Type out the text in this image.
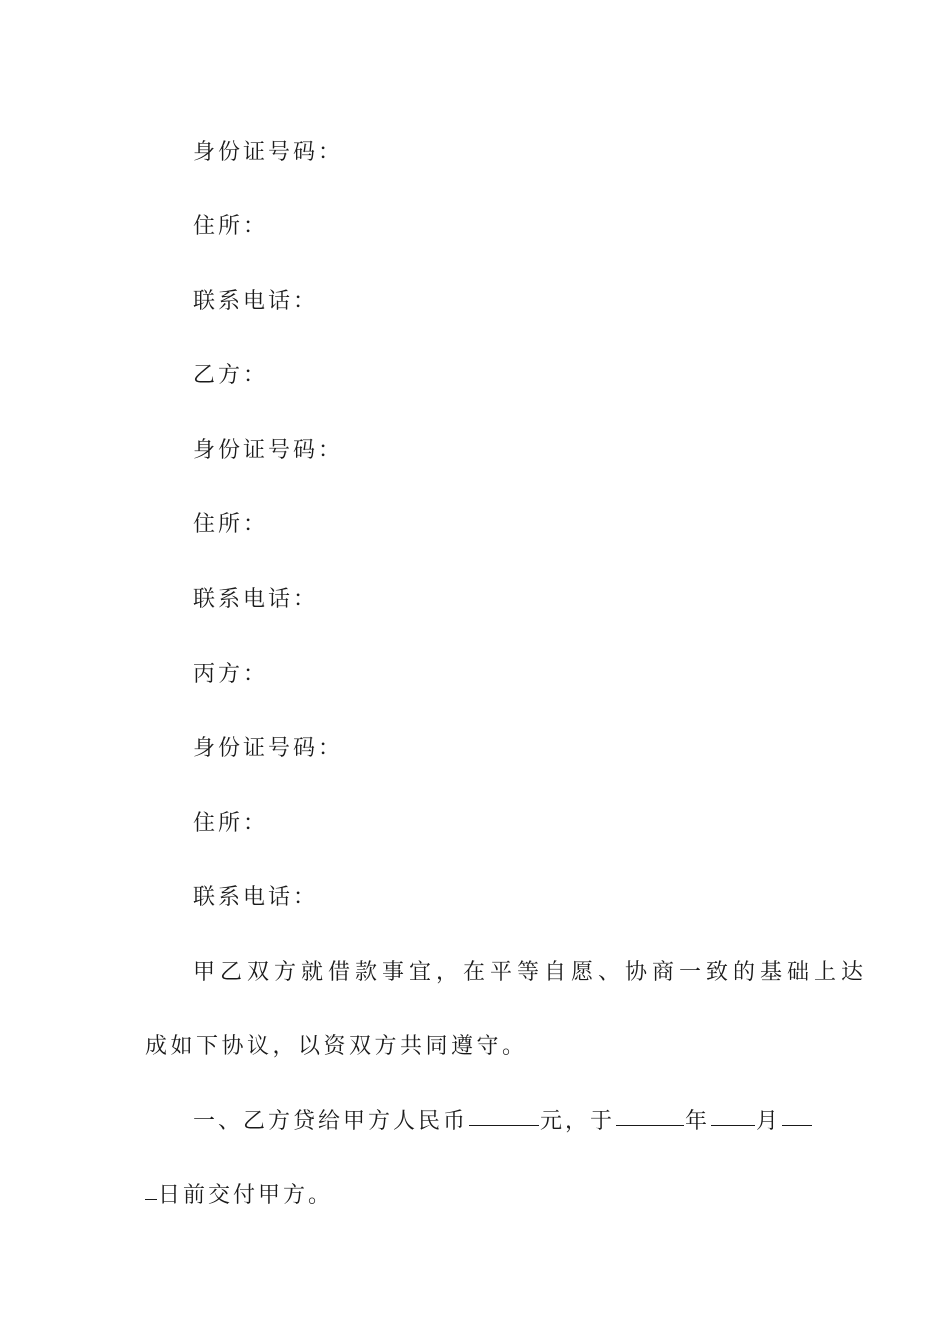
身份证号码：
住所：
联系电话：
乙方：
身份证号码：
住所：
联系电话：
丙方：
身份证号码：
住所：
联系电话：
甲乙双方就借款事宜，在平等自愿、协商一致的基础上达
成如下协议，以资双方共同遵守。
一、乙方贷给甲方人民币	元，于	年 月
日前交付甲方。
